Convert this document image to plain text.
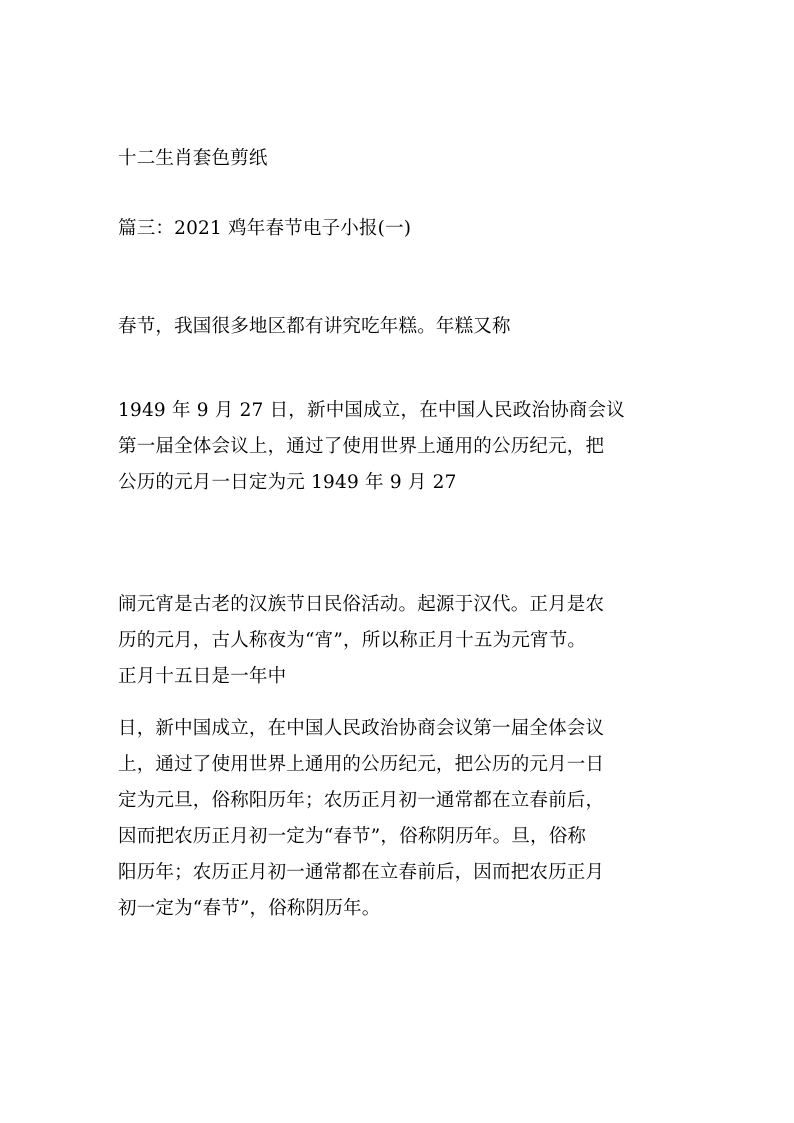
十二生肖套色剪纸
篇三：2021 鸡年春节电子小报(一)
春节，我国很多地区都有讲究吃年糕。年糕又称
1949 年 9 月 27 日，新中国成立，在中国人民政治协商会议
第一届全体会议上，通过了使用世界上通用的公历纪元，把
公历的元月一日定为元 1949 年 9 月 27
闹元宵是古老的汉族节日民俗活动。起源于汉代。正月是农
历的元月，古人称夜为“宵”，所以称正月十五为元宵节。
正月十五日是一年中
日，新中国成立，在中国人民政治协商会议第一届全体会议
上，通过了使用世界上通用的公历纪元，把公历的元月一日
定为元旦，俗称阳历年；农历正月初一通常都在立春前后，
因而把农历正月初一定为“春节”，俗称阴历年。旦，俗称
阳历年；农历正月初一通常都在立春前后，因而把农历正月
初一定为“春节”，俗称阴历年。
